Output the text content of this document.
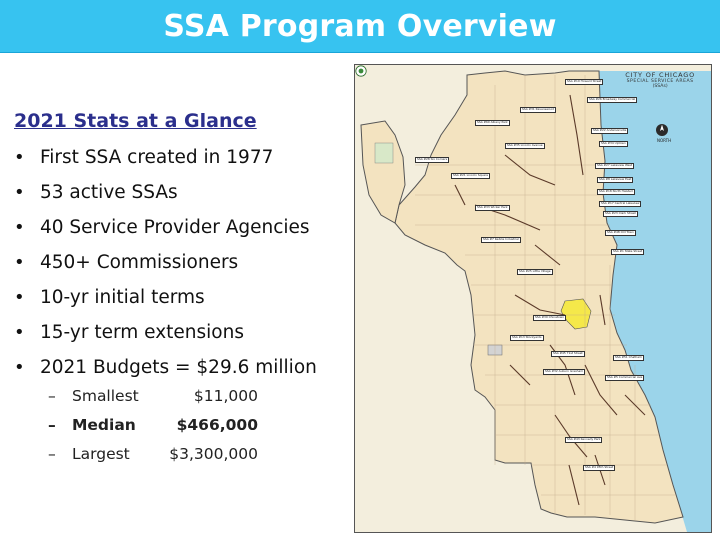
SSA Program Overview
2021 Stats at a Glance
• First SSA created in 1977
• 53 active SSAs
• 40 Service Provider Agencies
• 450+ Commissioners
• 10-yr initial terms
• 15-yr term extensions
• 2021 Budgets = $29.6 million
–	Smallest	$11,000
–	Median	$466,000
–	Largest	$3,300,000
CITY OF CHICAGO
SPECIAL SERVICE AREAS
(SSAs)
NORTH
SSA #60 Albany Park
SSA #31 Ravenswood
SSA #19 Howard Street
SSA #26 Broadway Commercial
SSA #28 Six Corners
SSA #35 Lincoln Avenue
SSA #27 Lakeview West
SSA #8 Lakeview East
SSA #22 Andersonville
SSA #4 95th Street
SSA #13 Stockyards
SSA #39 Chinatown
SSA #23 Clark Street
SSA #21 Lincoln Square
SSA #33 Wicker Park
SSA #7 Kedzie Industrial
SSA #25 Little Village
SSA #5 Commercial Ave
SSA #51 Chatham
SSA #45 71st Street
SSA #1 State Street
SSA #18 North Halsted
SSA #17 Central Lakeview
SSA #34 Uptown
SSA #32 Auburn Gresham
SSA #43 Kennedy Park
SSA #48 Old Town
